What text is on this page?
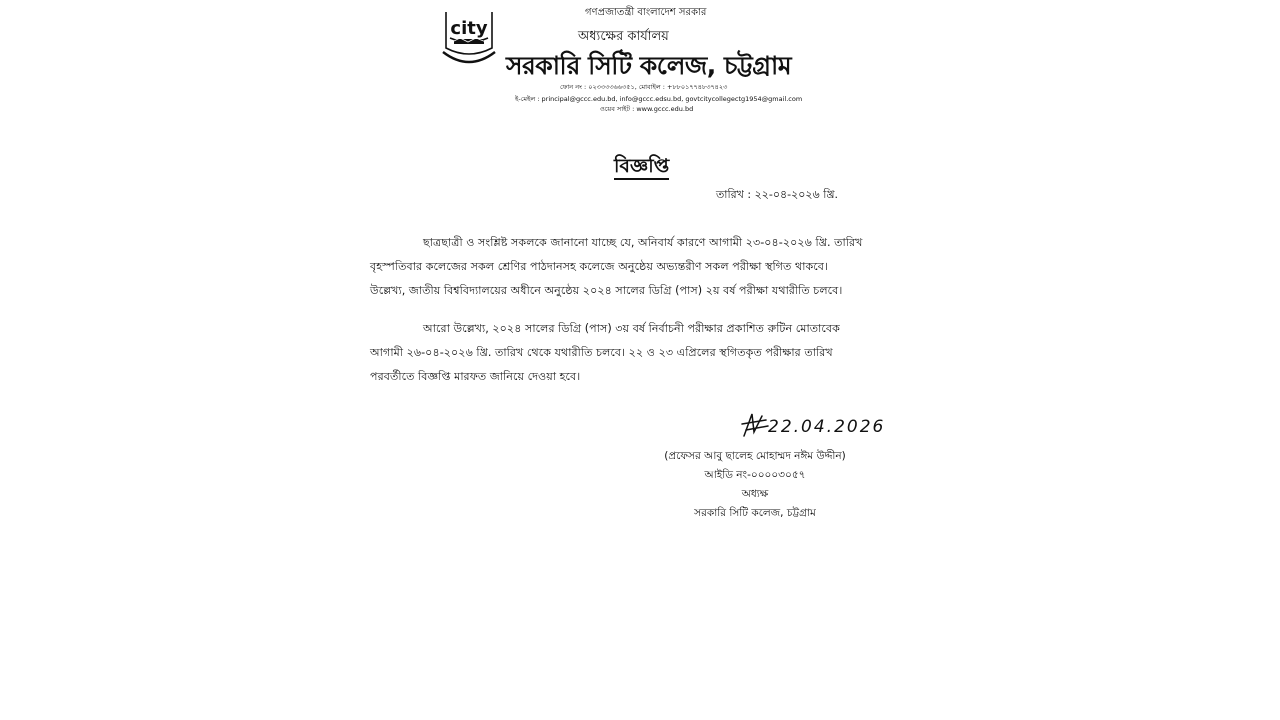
city
গণপ্রজাতন্ত্রী বাংলাদেশ সরকার
অধ্যক্ষের কার্যালয়
সরকারি সিটি কলেজ, চট্টগ্রাম
ফোন নং : ০২৩৩৩৩৬৬৩৫১, মোবাইল : +৮৮০১৭৭৪৮৩৭৪২৩
ই-মেইল : principal@gccc.edu.bd, info@gccc.edsu.bd, govtcitycollegectg1954@gmail.com
ওয়েব সাইট : www.gccc.edu.bd
বিজ্ঞপ্তি
তারিখ : ২২-০৪-২০২৬ খ্রি.
ছাত্রছাত্রী ও সংশ্লিষ্ট সকলকে জানানো যাচ্ছে যে, অনিবার্য কারণে আগামী ২৩-০৪-২০২৬ খ্রি. তারিখ
বৃহস্পতিবার কলেজের সকল শ্রেণির পাঠদানসহ কলেজে অনুষ্ঠেয় অভ্যন্তরীণ সকল পরীক্ষা স্থগিত থাকবে।
উল্লেখ্য, জাতীয় বিশ্ববিদ্যালয়ের অধীনে অনুষ্ঠেয় ২০২৪ সালের ডিগ্রি (পাস) ২য় বর্ষ পরীক্ষা যথারীতি চলবে।
আরো উল্লেখ্য, ২০২৪ সালের ডিগ্রি (পাস) ৩য় বর্ষ নির্বাচনী পরীক্ষার প্রকাশিত রুটিন মোতাবেক
আগামী ২৬-০৪-২০২৬ খ্রি. তারিখ থেকে যথারীতি চলবে। ২২ ও ২৩ এপ্রিলের স্থগিতকৃত পরীক্ষার তারিখ
পরবর্তীতে বিজ্ঞপ্তি মারফত জানিয়ে দেওয়া হবে।
22.04.2026
(প্রফেসর আবু ছালেহ মোহাম্মদ নঈম উদ্দীন)
আইডি নং-০০০০৩০৫৭
অধ্যক্ষ
সরকারি সিটি কলেজ, চট্টগ্রাম
